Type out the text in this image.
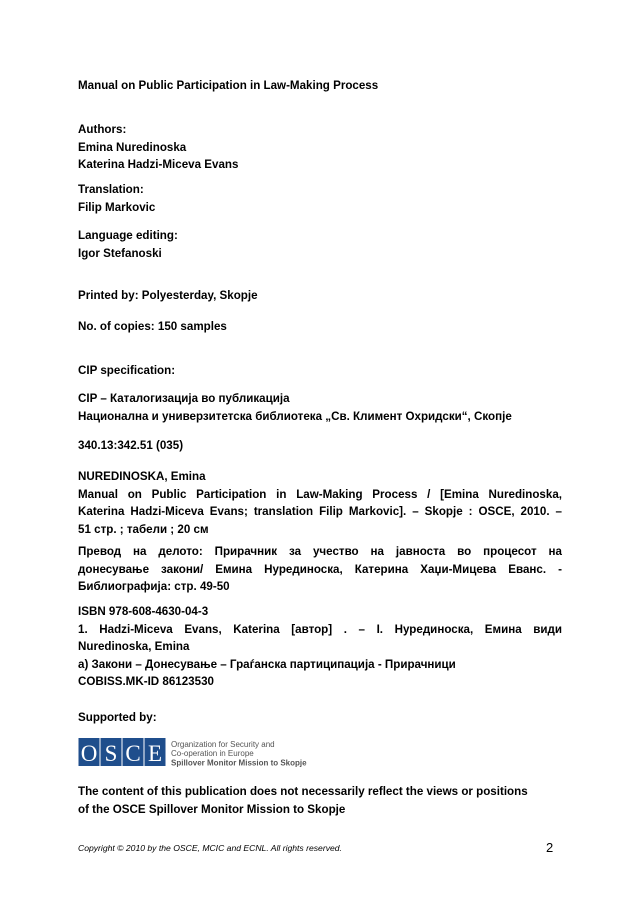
Manual on Public Participation in Law-Making Process
Authors:
Emina Nuredinoska
Katerina Hadzi-Miceva Evans
Translation:
Filip Markovic
Language editing:
Igor Stefanoski
Printed by: Polyesterday, Skopje
No. of copies: 150 samples
CIP specification:
CIP – Каталогизација во публикација
Национална и универзитетска библиотека „Св. Климент Охридски“, Скопје
340.13:342.51 (035)
NUREDINOSKA, Emina
Manual on Public Participation in Law-Making Process / [Emina Nuredinoska,
Katerina Hadzi-Miceva Evans; translation Filip Markovic]. – Skopje : OSCE, 2010. –
51 стр. ; табели ; 20 см
Превод на делото: Прирачник за учество на јавноста во процесот на
донесување закони/ Емина Нурединоска, Катерина Хаџи-Мицева Еванс. -
Библиографија: стр. 49-50
ISBN 978-608-4630-04-3
1. Hadzi-Miceva Evans, Katerina [автор] . – I. Нурединоска, Емина види
Nuredinoska, Emina
а) Закони – Донесување – Граѓанска партиципација - Прирачници
COBISS.MK-ID 86123530
Supported by:
O S C E Organization for Security and
Co-operation in Europe
Spillover Monitor Mission to Skopje
The content of this publication does not necessarily reflect the views or positions
of the OSCE Spillover Monitor Mission to Skopje
Copyright © 2010 by the OSCE, MCIC and ECNL. All rights reserved.	2
